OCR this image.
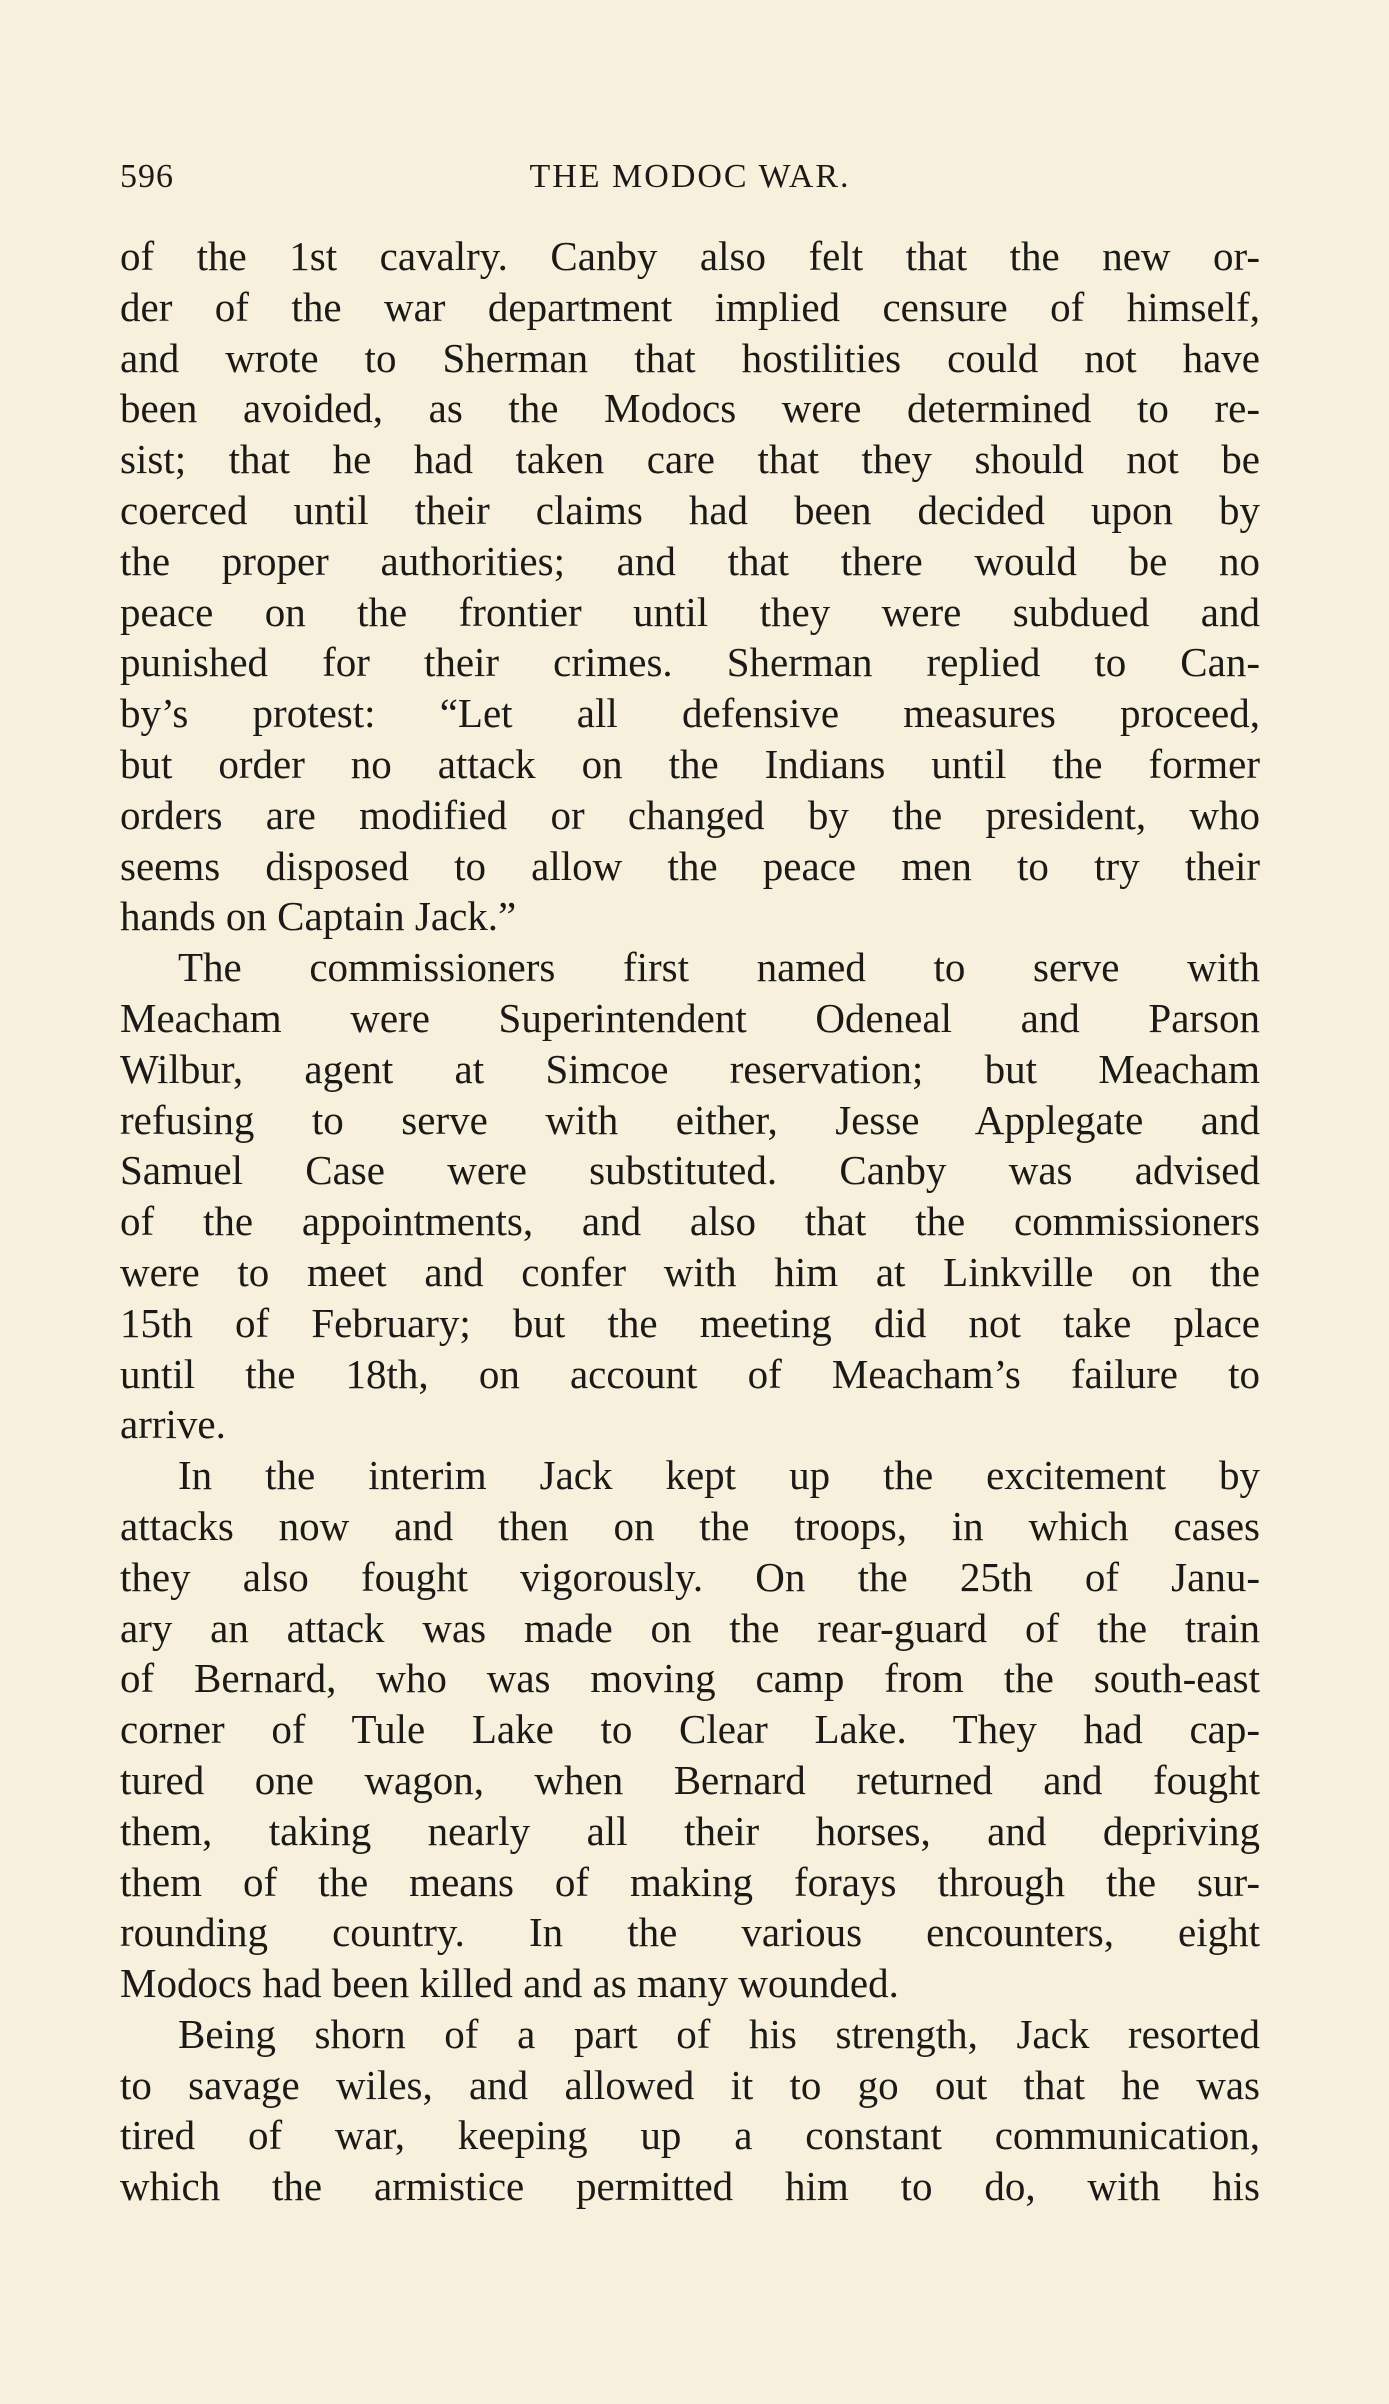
596	THE MODOC WAR.
of the 1st cavalry. Canby also felt that the new or-
der of the war department implied censure of himself,
and wrote to Sherman that hostilities could not have
been avoided, as the Modocs were determined to re-
sist; that he had taken care that they should not be
coerced until their claims had been decided upon by
the proper authorities; and that there would be no
peace on the frontier until they were subdued and
punished for their crimes. Sherman replied to Can-
by’s protest: “Let all defensive measures proceed,
but order no attack on the Indians until the former
orders are modified or changed by the president, who
seems disposed to allow the peace men to try their
hands on Captain Jack.”
The commissioners first named to serve with
Meacham were Superintendent Odeneal and Parson
Wilbur, agent at Simcoe reservation; but Meacham
refusing to serve with either, Jesse Applegate and
Samuel Case were substituted. Canby was advised
of the appointments, and also that the commissioners
were to meet and confer with him at Linkville on the
15th of February; but the meeting did not take place
until the 18th, on account of Meacham’s failure to
arrive.
In the interim Jack kept up the excitement by
attacks now and then on the troops, in which cases
they also fought vigorously. On the 25th of Janu-
ary an attack was made on the rear-guard of the train
of Bernard, who was moving camp from the south-east
corner of Tule Lake to Clear Lake. They had cap-
tured one wagon, when Bernard returned and fought
them, taking nearly all their horses, and depriving
them of the means of making forays through the sur-
rounding country. In the various encounters, eight
Modocs had been killed and as many wounded.
Being shorn of a part of his strength, Jack resorted
to savage wiles, and allowed it to go out that he was
tired of war, keeping up a constant communication,
which the armistice permitted him to do, with his
